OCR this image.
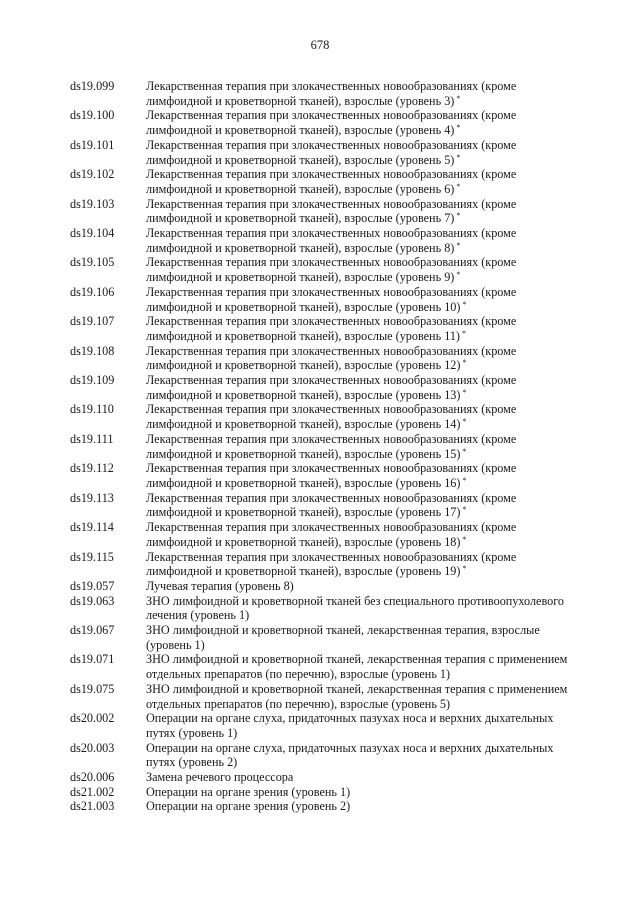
678
ds19.099	Лекарственная терапия при злокачественных новообразованиях (кроме
лимфоидной и кроветворной тканей), взрослые (уровень 3) *
ds19.100	Лекарственная терапия при злокачественных новообразованиях (кроме
лимфоидной и кроветворной тканей), взрослые (уровень 4) *
ds19.101	Лекарственная терапия при злокачественных новообразованиях (кроме
лимфоидной и кроветворной тканей), взрослые (уровень 5) *
ds19.102	Лекарственная терапия при злокачественных новообразованиях (кроме
лимфоидной и кроветворной тканей), взрослые (уровень 6) *
ds19.103	Лекарственная терапия при злокачественных новообразованиях (кроме
лимфоидной и кроветворной тканей), взрослые (уровень 7) *
ds19.104	Лекарственная терапия при злокачественных новообразованиях (кроме
лимфоидной и кроветворной тканей), взрослые (уровень 8) *
ds19.105	Лекарственная терапия при злокачественных новообразованиях (кроме
лимфоидной и кроветворной тканей), взрослые (уровень 9) *
ds19.106	Лекарственная терапия при злокачественных новообразованиях (кроме
лимфоидной и кроветворной тканей), взрослые (уровень 10) *
ds19.107	Лекарственная терапия при злокачественных новообразованиях (кроме
лимфоидной и кроветворной тканей), взрослые (уровень 11) *
ds19.108	Лекарственная терапия при злокачественных новообразованиях (кроме
лимфоидной и кроветворной тканей), взрослые (уровень 12) *
ds19.109	Лекарственная терапия при злокачественных новообразованиях (кроме
лимфоидной и кроветворной тканей), взрослые (уровень 13) *
ds19.110	Лекарственная терапия при злокачественных новообразованиях (кроме
лимфоидной и кроветворной тканей), взрослые (уровень 14) *
ds19.111	Лекарственная терапия при злокачественных новообразованиях (кроме
лимфоидной и кроветворной тканей), взрослые (уровень 15) *
ds19.112	Лекарственная терапия при злокачественных новообразованиях (кроме
лимфоидной и кроветворной тканей), взрослые (уровень 16) *
ds19.113	Лекарственная терапия при злокачественных новообразованиях (кроме
лимфоидной и кроветворной тканей), взрослые (уровень 17) *
ds19.114	Лекарственная терапия при злокачественных новообразованиях (кроме
лимфоидной и кроветворной тканей), взрослые (уровень 18) *
ds19.115	Лекарственная терапия при злокачественных новообразованиях (кроме
лимфоидной и кроветворной тканей), взрослые (уровень 19) *
ds19.057	Лучевая терапия (уровень 8)
ds19.063	ЗНО лимфоидной и кроветворной тканей без специального противоопухолевого
лечения (уровень 1)
ds19.067	ЗНО лимфоидной и кроветворной тканей, лекарственная терапия, взрослые
(уровень 1)
ds19.071	ЗНО лимфоидной и кроветворной тканей, лекарственная терапия с применением
отдельных препаратов (по перечню), взрослые (уровень 1)
ds19.075	ЗНО лимфоидной и кроветворной тканей, лекарственная терапия с применением
отдельных препаратов (по перечню), взрослые (уровень 5)
ds20.002	Операции на органе слуха, придаточных пазухах носа и верхних дыхательных
путях (уровень 1)
ds20.003	Операции на органе слуха, придаточных пазухах носа и верхних дыхательных
путях (уровень 2)
ds20.006	Замена речевого процессора
ds21.002	Операции на органе зрения (уровень 1)
ds21.003	Операции на органе зрения (уровень 2)
